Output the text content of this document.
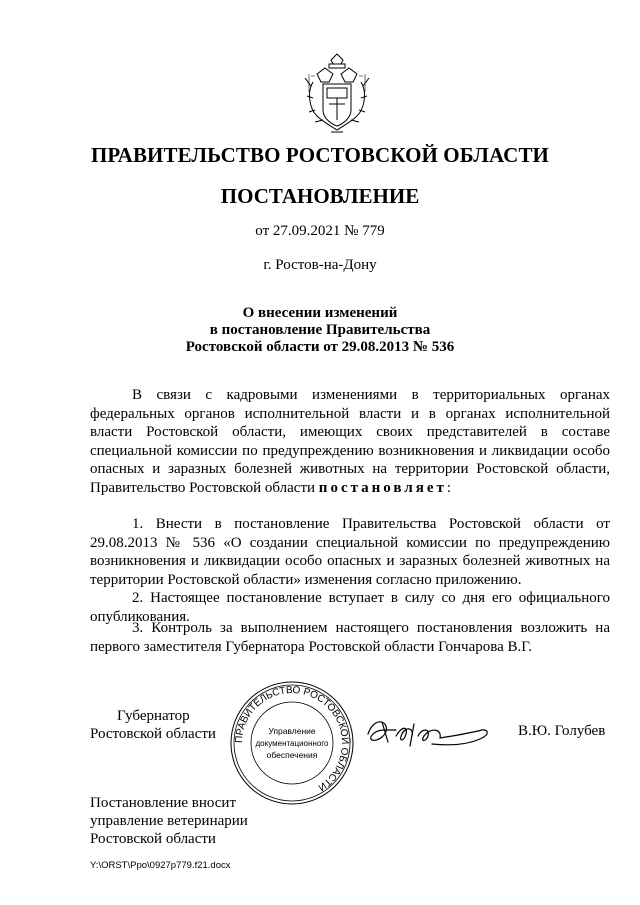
ПРАВИТЕЛЬСТВО РОСТОВСКОЙ ОБЛАСТИ
ПОСТАНОВЛЕНИЕ
от 27.09.2021 № 779
г. Ростов-на-Дону
О внесении изменений
в постановление Правительства
Ростовской области от 29.08.2013 № 536

В связи с кадровыми изменениями в территориальных органах федеральных органов исполнительной власти и в органах исполнительной власти Ростовской области, имеющих своих представителей в составе специальной комиссии по предупреждению возникновения и ликвидации особо опасных и заразных болезней животных на территории Ростовской области, Правительство Ростовской области постановляет:

1. Внести в постановление Правительства Ростовской области от 29.08.2013 № 536 «О создании специальной комиссии по предупреждению возникновения и ликвидации особо опасных и заразных болезней животных на территории Ростовской области» изменения согласно приложению.

2. Настоящее постановление вступает в силу со дня его официального опубликования.

3. Контроль за выполнением настоящего постановления возложить на первого заместителя Губернатора Ростовской области Гончарова В.Г.

Губернатор
Ростовской области ПРАВИТЕЛЬСТВО РОСТОВСКОЙ ОБЛАСТИ
Управление
документационного
обеспечения
В.Ю. Голубев
Постановление вносит
управление ветеринарии
Ростовской области
Y:\ORST\Ppo\0927p779.f21.docx
